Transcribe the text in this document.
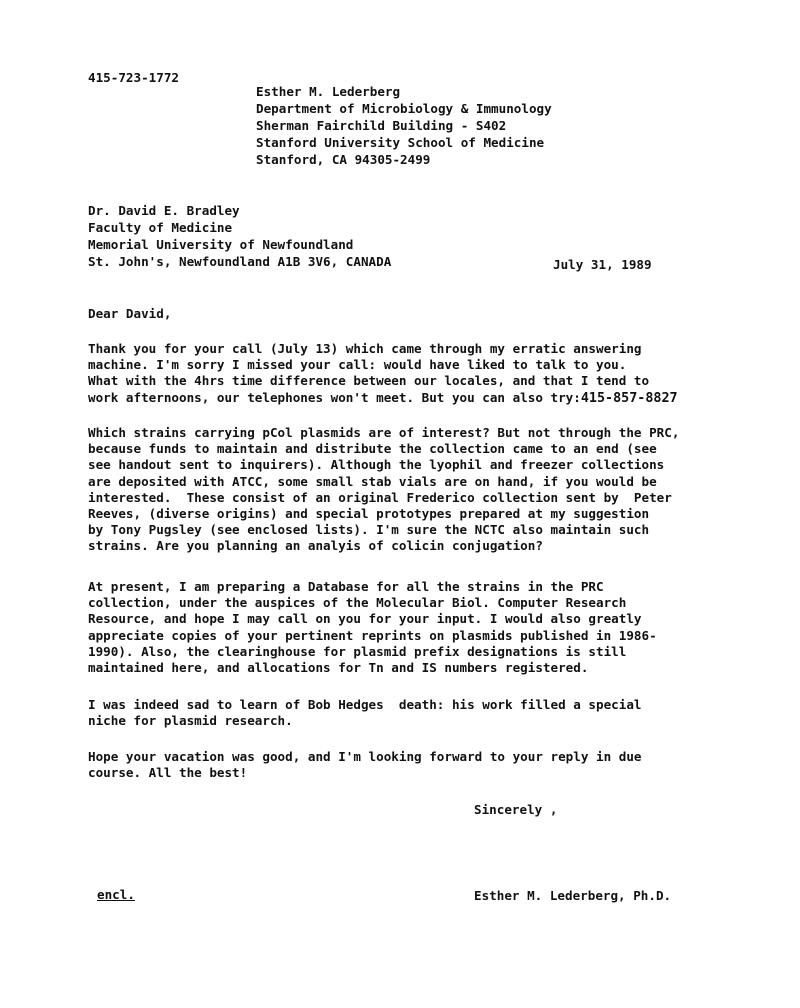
415-723-1772
Esther M. Lederberg
Department of Microbiology & Immunology
Sherman Fairchild Building - S402
Stanford University School of Medicine
Stanford, CA 94305-2499
Dr. David E. Bradley
Faculty of Medicine
Memorial University of Newfoundland
St. John's, Newfoundland A1B 3V6, CANADA	July 31, 1989
Dear David,
Thank you for your call (July 13) which came through my erratic answering
machine. I'm sorry I missed your call: would have liked to talk to you.
What with the 4hrs time difference between our locales, and that I tend to
work afternoons, our telephones won't meet. But you can also try:415-857-8827
Which strains carrying pCol plasmids are of interest? But not through the PRC,
because funds to maintain and distribute the collection came to an end (see
see handout sent to inquirers). Although the lyophil and freezer collections
are deposited with ATCC, some small stab vials are on hand, if you would be
interested.  These consist of an original Frederico collection sent by  Peter
Reeves, (diverse origins) and special prototypes prepared at my suggestion
by Tony Pugsley (see enclosed lists). I'm sure the NCTC also maintain such
strains. Are you planning an analyis of colicin conjugation?
At present, I am preparing a Database for all the strains in the PRC
collection, under the auspices of the Molecular Biol. Computer Research
Resource, and hope I may call on you for your input. I would also greatly
appreciate copies of your pertinent reprints on plasmids published in 1986-
1990). Also, the clearinghouse for plasmid prefix designations is still
maintained here, and allocations for Tn and IS numbers registered.
I was indeed sad to learn of Bob Hedges  death: his work filled a special
niche for plasmid research.
Hope your vacation was good, and I'm looking forward to your reply in due
course. All the best!
Sincerely ,
encl.	Esther M. Lederberg, Ph.D.
